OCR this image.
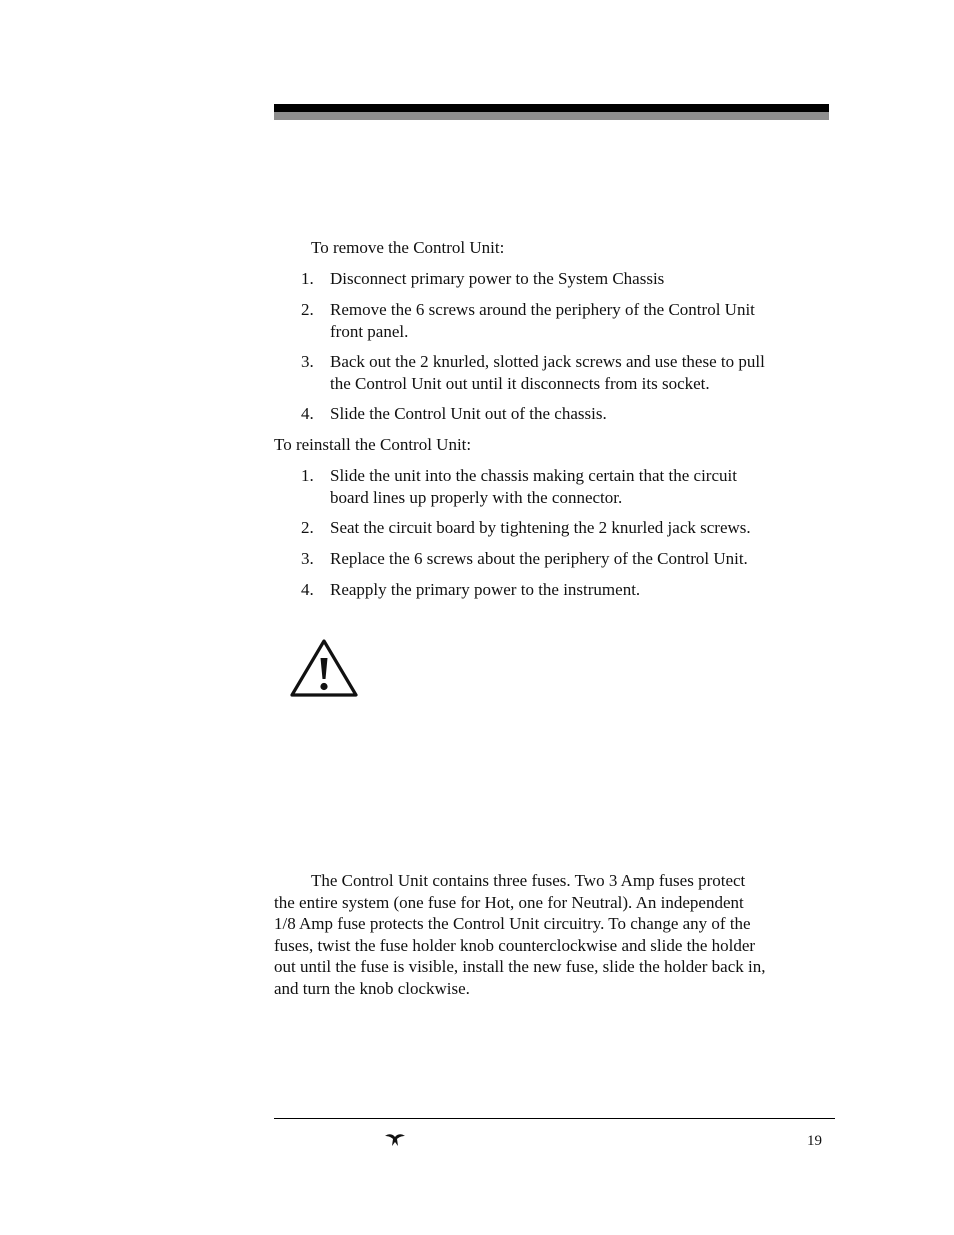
To remove the Control Unit:
1. Disconnect primary power to the System Chassis
2. Remove the 6 screws around the periphery of the Control Unit
front panel.
3. Back out the 2 knurled, slotted jack screws and use these to pull
the Control Unit out until it disconnects from its socket.
4. Slide the Control Unit out of the chassis.
To reinstall the Control Unit:
1. Slide the unit into the chassis making certain that the circuit
board lines up properly with the connector.
2. Seat the circuit board by tightening the 2 knurled jack screws.
3. Replace the 6 screws about the periphery of the Control Unit.
4. Reapply the primary power to the instrument.
The Control Unit contains three fuses. Two 3 Amp fuses protect
the entire system (one fuse for Hot, one for Neutral). An independent
1/8 Amp fuse protects the Control Unit circuitry. To change any of the
fuses, twist the fuse holder knob counterclockwise and slide the holder
out until the fuse is visible, install the new fuse, slide the holder back in,
and turn the knob clockwise.
19
